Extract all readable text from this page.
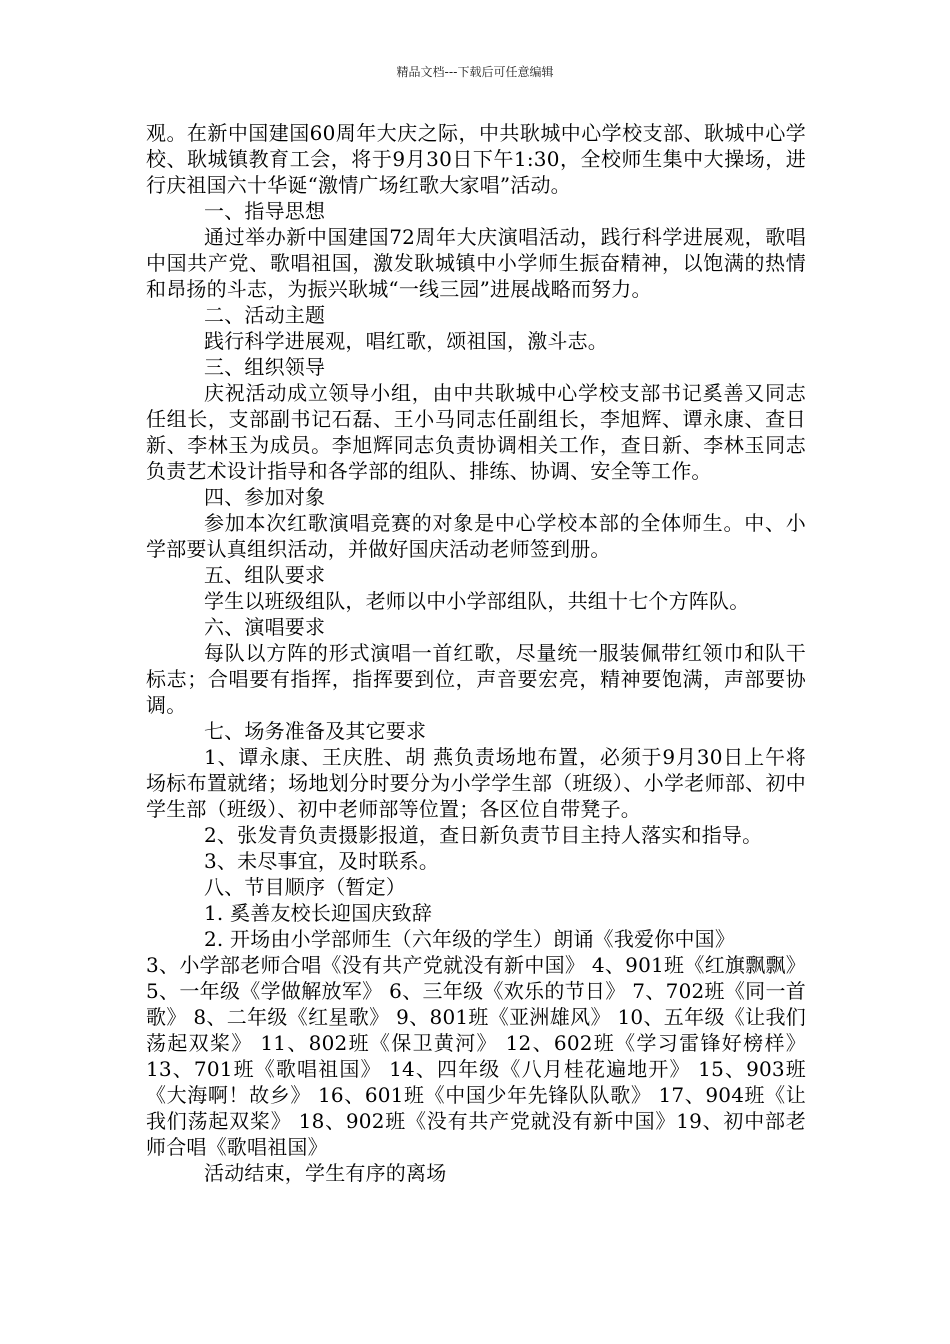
精品文档---下载后可任意编辑

观。在新中国建国60周年大庆之际，中共耿城中心学校支部、耿城中心学校、耿城镇教育工会，将于9月30日下午1:30，全校师生集中大操场，进行庆祖国六十华诞“激情广场红歌大家唱”活动。

一、指导思想

通过举办新中国建国72周年大庆演唱活动，践行科学进展观，歌唱中国共产党、歌唱祖国，激发耿城镇中小学师生振奋精神，以饱满的热情和昂扬的斗志，为振兴耿城“一线三园”进展战略而努力。

二、活动主题

践行科学进展观，唱红歌，颂祖国，激斗志。

三、组织领导

庆祝活动成立领导小组，由中共耿城中心学校支部书记奚善又同志任组长，支部副书记石磊、王小马同志任副组长，李旭辉、谭永康、查日新、李林玉为成员。李旭辉同志负责协调相关工作，查日新、李林玉同志负责艺术设计指导和各学部的组队、排练、协调、安全等工作。

四、参加对象

参加本次红歌演唱竞赛的对象是中心学校本部的全体师生。中、小学部要认真组织活动，并做好国庆活动老师签到册。

五、组队要求

学生以班级组队，老师以中小学部组队，共组十七个方阵队。

六、演唱要求

每队以方阵的形式演唱一首红歌，尽量统一服装佩带红领巾和队干标志；合唱要有指挥，指挥要到位，声音要宏亮，精神要饱满，声部要协调。

七、场务准备及其它要求

1、谭永康、王庆胜、胡 燕负责场地布置，必须于9月30日上午将场标布置就绪；场地划分时要分为小学学生部（班级）、小学老师部、初中学生部（班级）、初中老师部等位置；各区位自带凳子。

2、张发青负责摄影报道，查日新负责节目主持人落实和指导。

3、未尽事宜，及时联系。

八、节目顺序（暂定）

1. 奚善友校长迎国庆致辞

2. 开场由小学部师生（六年级的学生）朗诵《我爱你中国》

3、小学部老师合唱《没有共产党就没有新中国》 4、901班《红旗飘飘》 5、一年级《学做解放军》 6、三年级《欢乐的节日》 7、702班《同一首歌》 8、二年级《红星歌》 9、801班《亚洲雄风》 10、五年级《让我们荡起双桨》 11、802班《保卫黄河》 12、602班《学习雷锋好榜样》 13、701班《歌唱祖国》 14、四年级《八月桂花遍地开》 15、903班《大海啊！故乡》 16、601班《中国少年先锋队队歌》 17、904班《让我们荡起双桨》 18、902班《没有共产党就没有新中国》19、初中部老师合唱《歌唱祖国》

活动结束，学生有序的离场
